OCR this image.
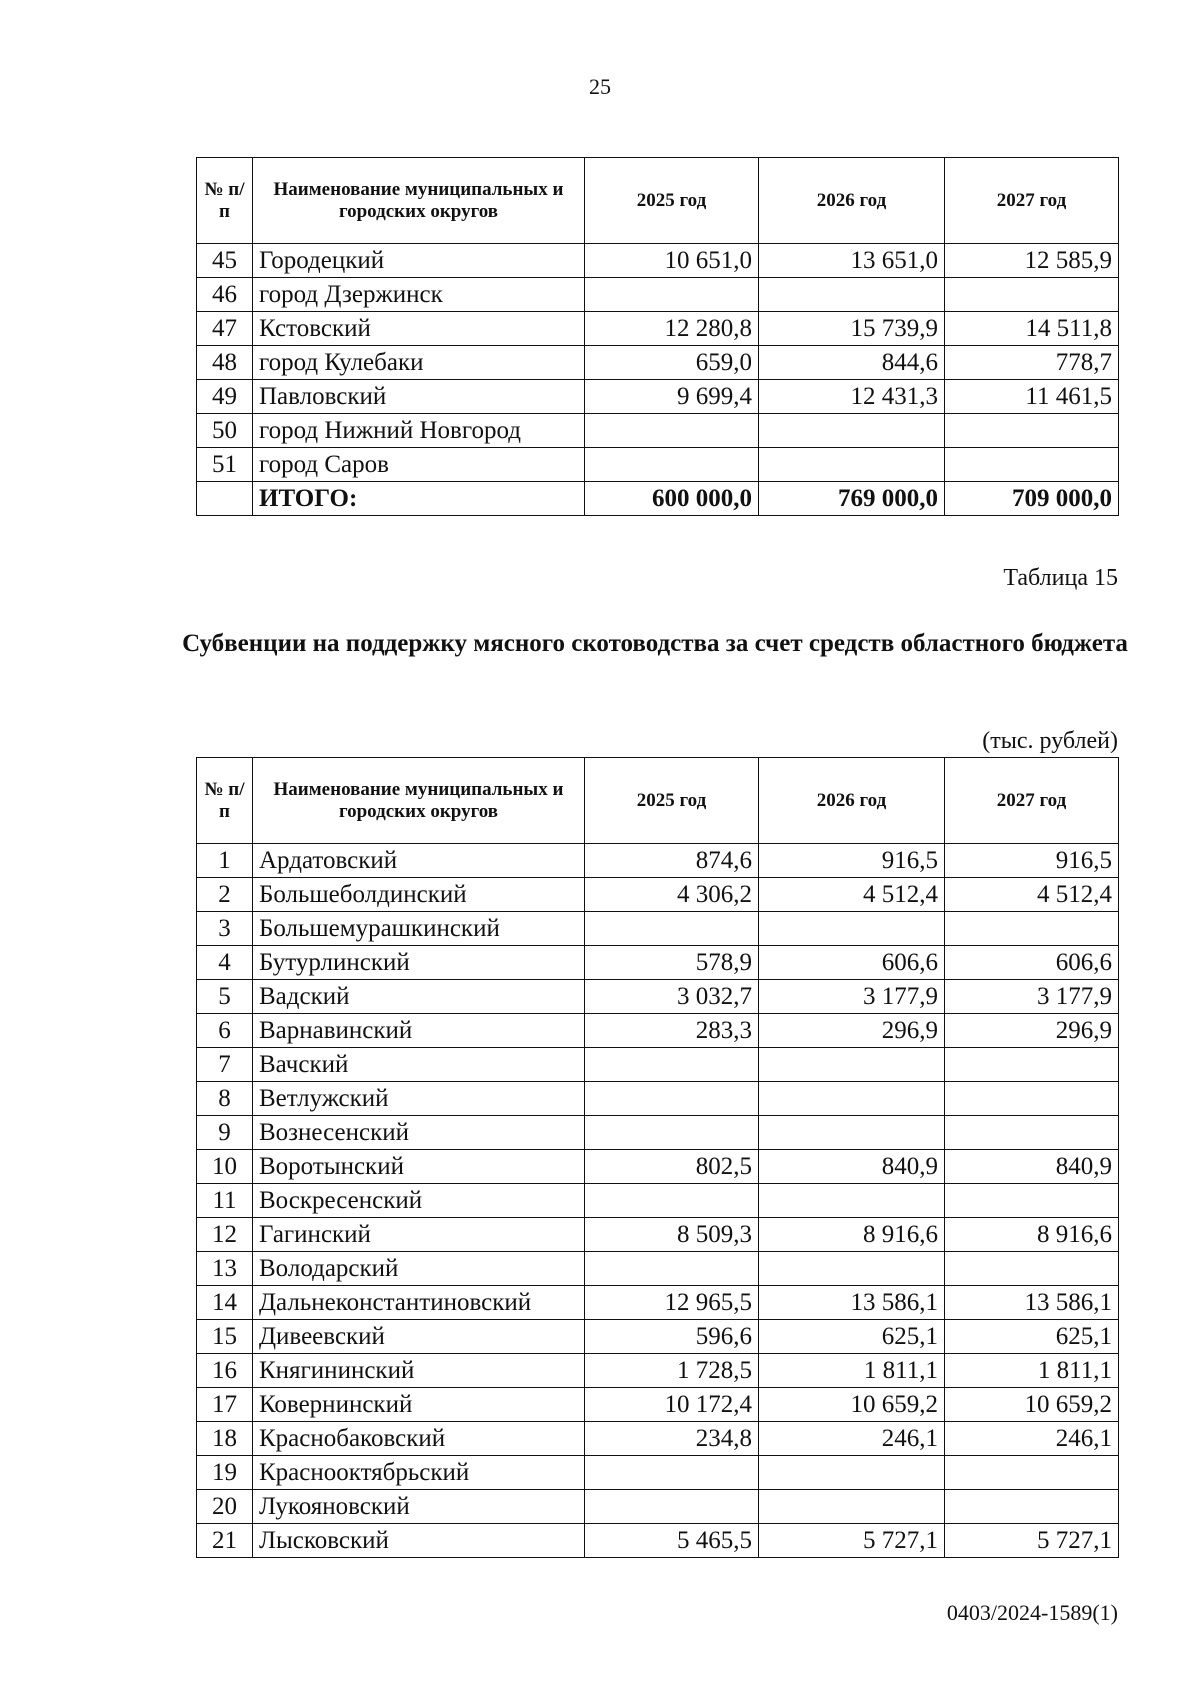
25
№ п/п	Наименование муниципальных и городских округов	2025 год	2026 год	2027 год
45	Городецкий	10 651,0	13 651,0	12 585,9
46	город Дзержинск			
47	Кстовский	12 280,8	15 739,9	14 511,8
48	город Кулебаки	659,0	844,6	778,7
49	Павловский	9 699,4	12 431,3	11 461,5
50	город Нижний Новгород			
51	город Саров			
	ИТОГО:	600 000,0	769 000,0	709 000,0
Таблица 15
Субвенции на поддержку мясного скотоводства за счет средств областного бюджета
(тыс. рублей)
№ п/п	Наименование муниципальных и городских округов	2025 год	2026 год	2027 год
1	Ардатовский	874,6	916,5	916,5
2	Большеболдинский	4 306,2	4 512,4	4 512,4
3	Большемурашкинский			
4	Бутурлинский	578,9	606,6	606,6
5	Вадский	3 032,7	3 177,9	3 177,9
6	Варнавинский	283,3	296,9	296,9
7	Вачский			
8	Ветлужский			
9	Вознесенский			
10	Воротынский	802,5	840,9	840,9
11	Воскресенский			
12	Гагинский	8 509,3	8 916,6	8 916,6
13	Володарский			
14	Дальнеконстантиновский	12 965,5	13 586,1	13 586,1
15	Дивеевский	596,6	625,1	625,1
16	Княгининский	1 728,5	1 811,1	1 811,1
17	Ковернинский	10 172,4	10 659,2	10 659,2
18	Краснобаковский	234,8	246,1	246,1
19	Краснооктябрьский			
20	Лукояновский			
21	Лысковский	5 465,5	5 727,1	5 727,1
0403/2024-1589(1)
